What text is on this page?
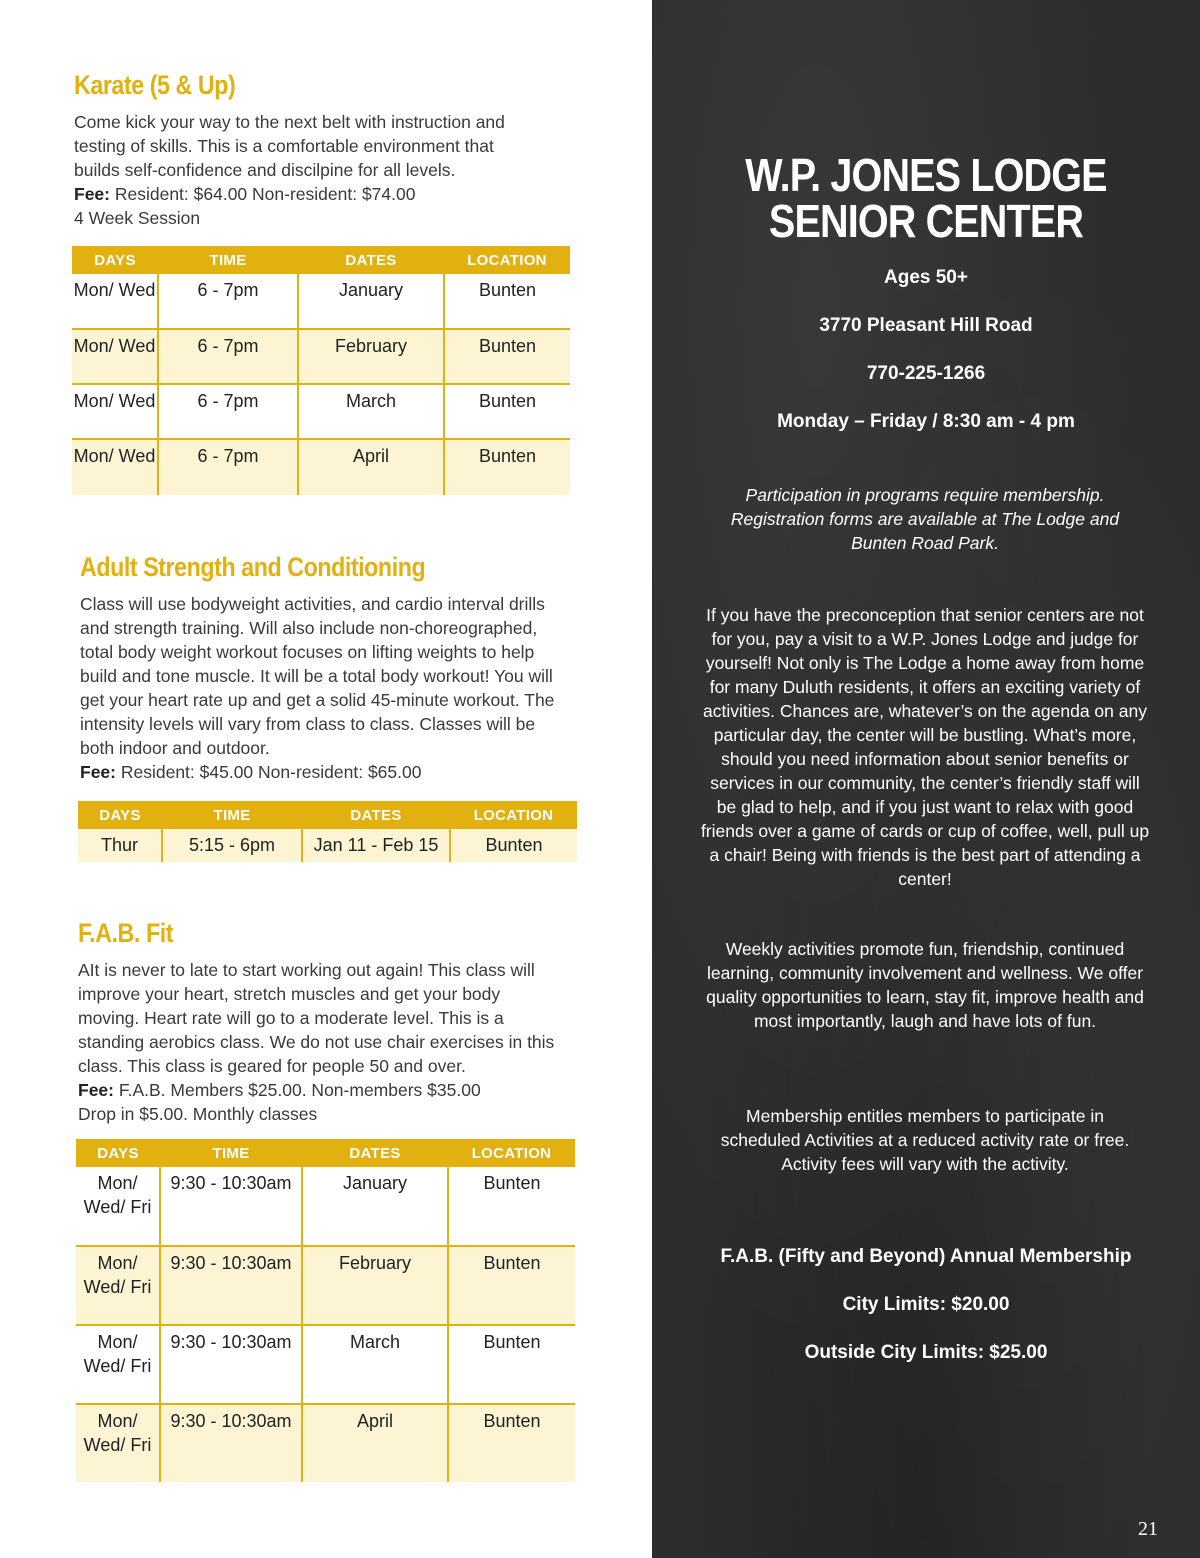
Karate (5 & Up)
Come kick your way to the next belt with instruction and testing of skills. This is a comfortable environment that builds self-confidence and discilpine for all levels.
Fee: Resident: $64.00 Non-resident: $74.00
4 Week Session
DAYS	TIME	DATES	LOCATION
Mon/ Wed	6 - 7pm	January	Bunten
Mon/ Wed	6 - 7pm	February	Bunten
Mon/ Wed	6 - 7pm	March	Bunten
Mon/ Wed	6 - 7pm	April	Bunten
Adult Strength and Conditioning
Class will use bodyweight activities, and cardio interval drills and strength training. Will also include non-choreographed, total body weight workout focuses on lifting weights to help build and tone muscle. It will be a total body workout! You will get your heart rate up and get a solid 45-minute workout. The intensity levels will vary from class to class. Classes will be both indoor and outdoor.
Fee: Resident: $45.00 Non-resident: $65.00
DAYS	TIME	DATES	LOCATION
Thur	5:15 - 6pm	Jan 11 - Feb 15	Bunten
F.A.B. Fit
AIt is never to late to start working out again! This class will improve your heart, stretch muscles and get your body moving. Heart rate will go to a moderate level. This is a standing aerobics class. We do not use chair exercises in this class. This class is geared for people 50 and over.
Fee: F.A.B. Members $25.00. Non-members $35.00
Drop in $5.00. Monthly classes
DAYS	TIME	DATES	LOCATION
Mon/ Wed/ Fri	9:30 - 10:30am	January	Bunten
Mon/ Wed/ Fri	9:30 - 10:30am	February	Bunten
Mon/ Wed/ Fri	9:30 - 10:30am	March	Bunten
Mon/ Wed/ Fri	9:30 - 10:30am	April	Bunten
W.P. JONES LODGE
SENIOR CENTER
Ages 50+
3770 Pleasant Hill Road
770-225-1266
Monday – Friday / 8:30 am - 4 pm
Participation in programs require membership. Registration forms are available at The Lodge and Bunten Road Park.
If you have the preconception that senior centers are not for you, pay a visit to a W.P. Jones Lodge and judge for yourself! Not only is The Lodge a home away from home for many Duluth residents, it offers an exciting variety of activities. Chances are, whatever’s on the agenda on any particular day, the center will be bustling. What’s more, should you need information about senior benefits or services in our community, the center’s friendly staff will be glad to help, and if you just want to relax with good friends over a game of cards or cup of coffee, well, pull up a chair! Being with friends is the best part of attending a center!
Weekly activities promote fun, friendship, continued learning, community involvement and wellness. We offer quality opportunities to learn, stay fit, improve health and most importantly, laugh and have lots of fun.
Membership entitles members to participate in scheduled Activities at a reduced activity rate or free. Activity fees will vary with the activity.
F.A.B. (Fifty and Beyond) Annual Membership
City Limits: $20.00
Outside City Limits: $25.00
21
